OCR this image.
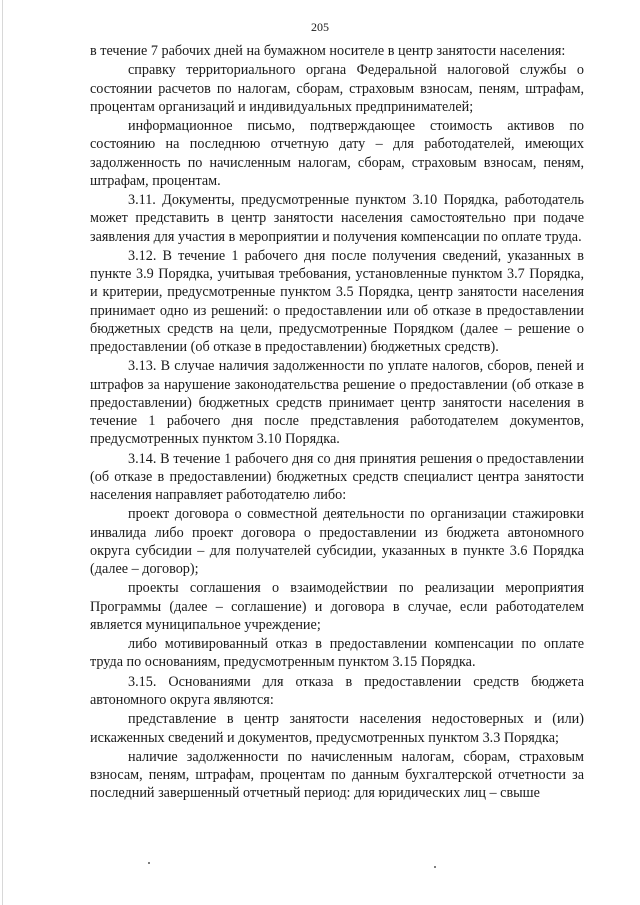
205

в течение 7 рабочих дней на бумажном носителе в центр занятости населения:

справку территориального органа Федеральной налоговой службы о состоянии расчетов по налогам, сборам, страховым взносам, пеням, штрафам, процентам организаций и индивидуальных предпринимателей;

информационное письмо, подтверждающее стоимость активов по состоянию на последнюю отчетную дату – для работодателей, имеющих задолженность по начисленным налогам, сборам, страховым взносам, пеням, штрафам, процентам.

3.11. Документы, предусмотренные пунктом 3.10 Порядка, работодатель может представить в центр занятости населения самостоятельно при подаче заявления для участия в мероприятии и получения компенсации по оплате труда.

3.12. В течение 1 рабочего дня после получения сведений, указанных в пункте 3.9 Порядка, учитывая требования, установленные пунктом 3.7 Порядка, и критерии, предусмотренные пунктом 3.5 Порядка, центр занятости населения принимает одно из решений: о предоставлении или об отказе в предоставлении бюджетных средств на цели, предусмотренные Порядком (далее – решение о предоставлении (об отказе в предоставлении) бюджетных средств).

3.13. В случае наличия задолженности по уплате налогов, сборов, пеней и штрафов за нарушение законодательства решение о предоставлении (об отказе в предоставлении) бюджетных средств принимает центр занятости населения в течение 1 рабочего дня после представления работодателем документов, предусмотренных пунктом 3.10 Порядка.

3.14. В течение 1 рабочего дня со дня принятия решения о предоставлении (об отказе в предоставлении) бюджетных средств специалист центра занятости населения направляет работодателю либо:

проект договора о совместной деятельности по организации стажировки инвалида либо проект договора о предоставлении из бюджета автономного округа субсидии – для получателей субсидии, указанных в пункте 3.6 Порядка (далее – договор);

проекты соглашения о взаимодействии по реализации мероприятия Программы (далее – соглашение) и договора в случае, если работодателем является муниципальное учреждение;

либо мотивированный отказ в предоставлении компенсации по оплате труда по основаниям, предусмотренным пунктом 3.15 Порядка.

3.15. Основаниями для отказа в предоставлении средств бюджета автономного округа являются:

представление в центр занятости населения недостоверных и (или) искаженных сведений и документов, предусмотренных пунктом 3.3 Порядка;

наличие задолженности по начисленным налогам, сборам, страховым взносам, пеням, штрафам, процентам по данным бухгалтерской отчетности за последний завершенный отчетный период: для юридических лиц – свыше
